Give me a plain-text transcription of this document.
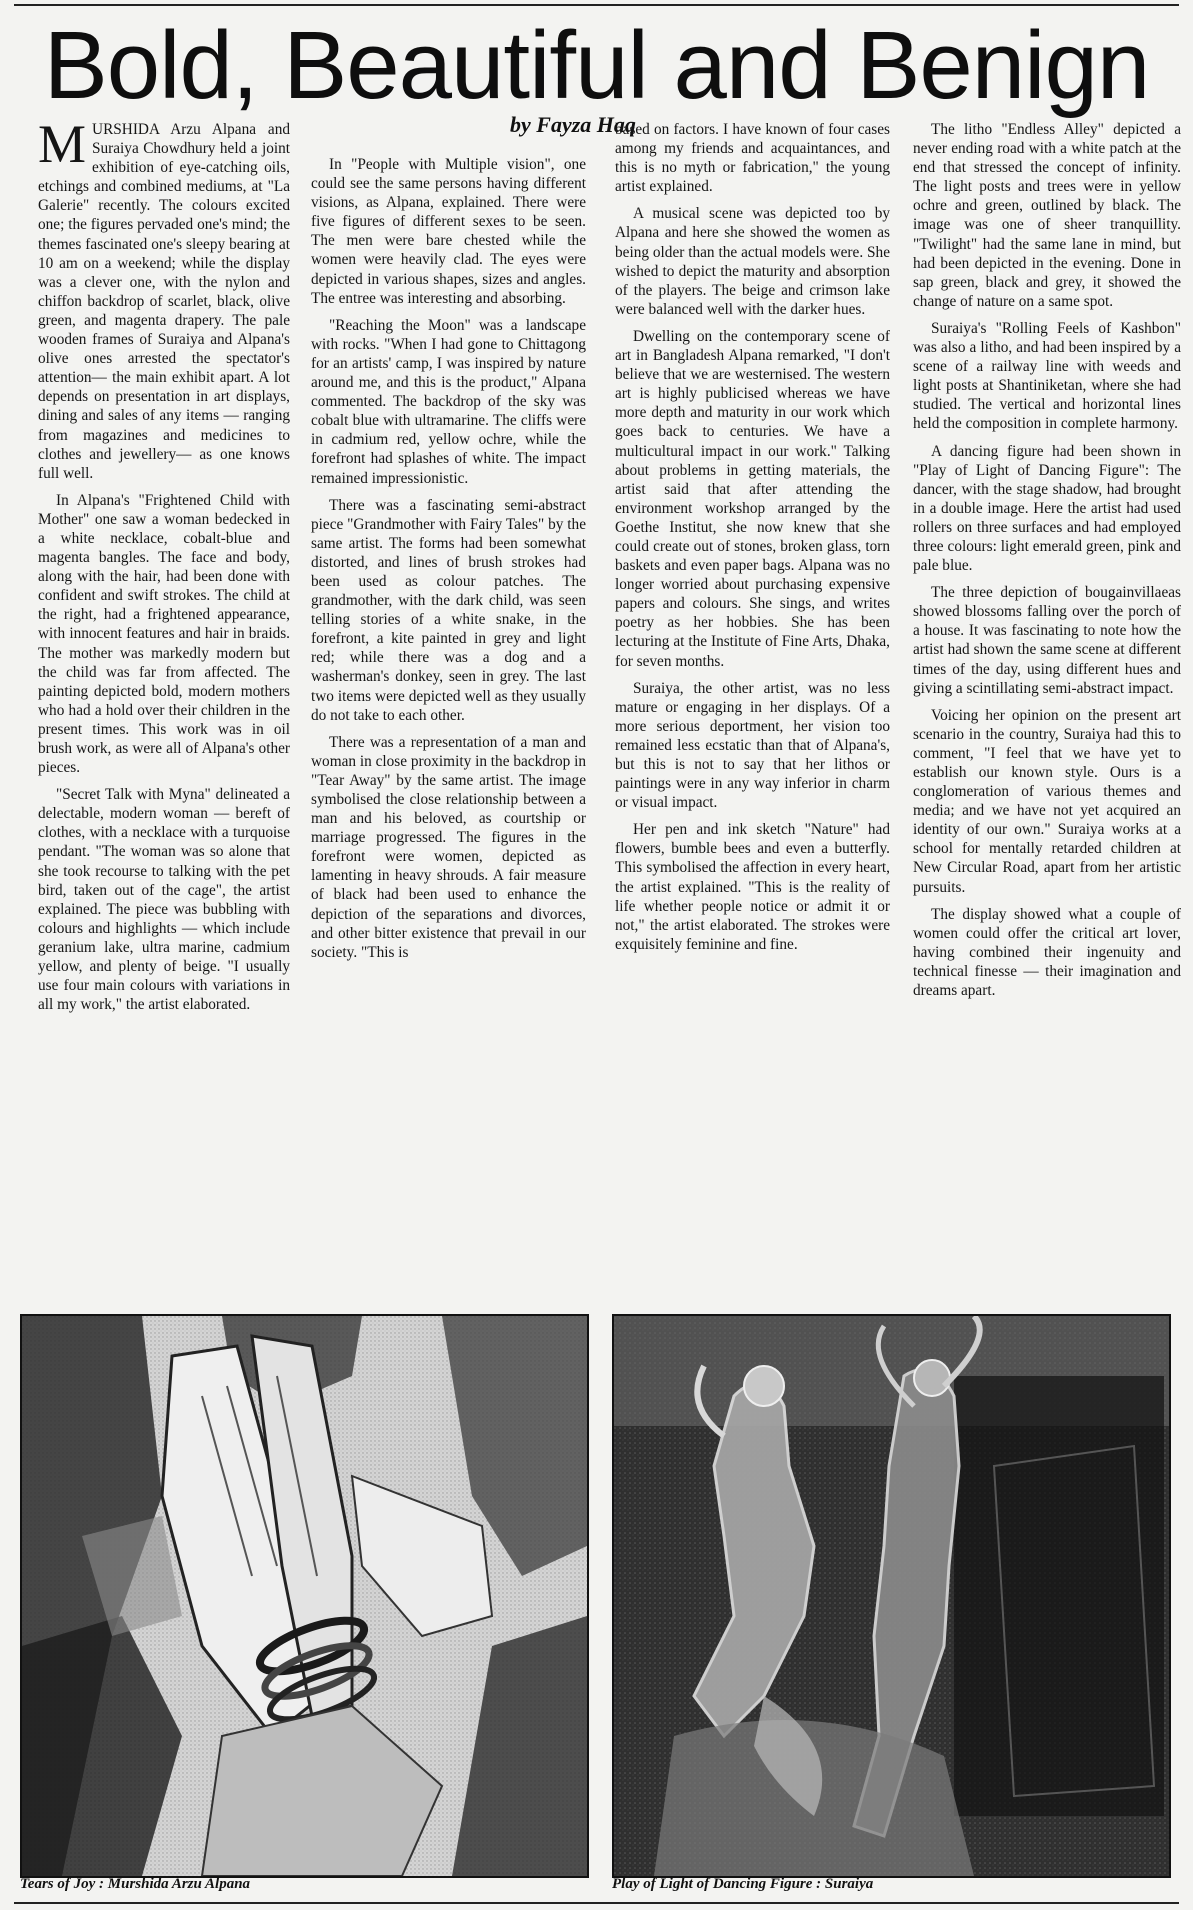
Bold, Beautiful and Benign
by Fayza Haq

MURSHIDA Arzu Alpana and Suraiya Chowdhury held a joint exhibition of eye-catching oils, etchings and combined mediums, at "La Galerie" recently. The colours excited one; the figures pervaded one's mind; the themes fascinated one's sleepy bearing at 10 am on a weekend; while the display was a clever one, with the nylon and chiffon backdrop of scarlet, black, olive green, and magenta drapery. The pale wooden frames of Suraiya and Alpana's olive ones arrested the spectator's attention— the main exhibit apart. A lot depends on presentation in art displays, dining and sales of any items — ranging from magazines and medicines to clothes and jewellery— as one knows full well.

In Alpana's "Frightened Child with Mother" one saw a woman bedecked in a white necklace, cobalt-blue and magenta bangles. The face and body, along with the hair, had been done with confident and swift strokes. The child at the right, had a frightened appearance, with innocent features and hair in braids. The mother was markedly modern but the child was far from affected. The painting depicted bold, modern mothers who had a hold over their children in the present times. This work was in oil brush work, as were all of Alpana's other pieces.

"Secret Talk with Myna" delineated a delectable, modern woman — bereft of clothes, with a necklace with a turquoise pendant. "The woman was so alone that she took recourse to talking with the pet bird, taken out of the cage", the artist explained. The piece was bubbling with colours and highlights — which include geranium lake, ultra marine, cadmium yellow, and plenty of beige. "I usually use four main colours with variations in all my work," the artist elaborated.

In "People with Multiple vision", one could see the same persons having different visions, as Alpana, explained. There were five figures of different sexes to be seen. The men were bare chested while the women were heavily clad. The eyes were depicted in various shapes, sizes and angles. The entree was interesting and absorbing.

"Reaching the Moon" was a landscape with rocks. "When I had gone to Chittagong for an artists' camp, I was inspired by nature around me, and this is the product," Alpana commented. The backdrop of the sky was cobalt blue with ultramarine. The cliffs were in cadmium red, yellow ochre, while the forefront had splashes of white. The impact remained impressionistic.

There was a fascinating semi-abstract piece "Grandmother with Fairy Tales" by the same artist. The forms had been somewhat distorted, and lines of brush strokes had been used as colour patches. The grandmother, with the dark child, was seen telling stories of a white snake, in the forefront, a kite painted in grey and light red; while there was a dog and a washerman's donkey, seen in grey. The last two items were depicted well as they usually do not take to each other.

There was a representation of a man and woman in close proximity in the backdrop in "Tear Away" by the same artist. The image symbolised the close relationship between a man and his beloved, as courtship or marriage progressed. The figures in the forefront were women, depicted as lamenting in heavy shrouds. A fair measure of black had been used to enhance the depiction of the separations and divorces, and other bitter existence that prevail in our society. "This is

based on factors. I have known of four cases among my friends and acquaintances, and this is no myth or fabrication," the young artist explained.

A musical scene was depicted too by Alpana and here she showed the women as being older than the actual models were. She wished to depict the maturity and absorption of the players. The beige and crimson lake were balanced well with the darker hues.

Dwelling on the contemporary scene of art in Bangladesh Alpana remarked, "I don't believe that we are westernised. The western art is highly publicised whereas we have more depth and maturity in our work which goes back to centuries. We have a multicultural impact in our work." Talking about problems in getting materials, the artist said that after attending the environment workshop arranged by the Goethe Institut, she now knew that she could create out of stones, broken glass, torn baskets and even paper bags. Alpana was no longer worried about purchasing expensive papers and colours. She sings, and writes poetry as her hobbies. She has been lecturing at the Institute of Fine Arts, Dhaka, for seven months.

Suraiya, the other artist, was no less mature or engaging in her displays. Of a more serious deportment, her vision too remained less ecstatic than that of Alpana's, but this is not to say that her lithos or paintings were in any way inferior in charm or visual impact.

Her pen and ink sketch "Nature" had flowers, bumble bees and even a butterfly. This symbolised the affection in every heart, the artist explained. "This is the reality of life whether people notice or admit it or not," the artist elaborated. The strokes were exquisitely feminine and fine.

The litho "Endless Alley" depicted a never ending road with a white patch at the end that stressed the concept of infinity. The light posts and trees were in yellow ochre and green, outlined by black. The image was one of sheer tranquillity. "Twilight" had the same lane in mind, but had been depicted in the evening. Done in sap green, black and grey, it showed the change of nature on a same spot.

Suraiya's "Rolling Feels of Kashbon" was also a litho, and had been inspired by a scene of a railway line with weeds and light posts at Shantiniketan, where she had studied. The vertical and horizontal lines held the composition in complete harmony.

A dancing figure had been shown in "Play of Light of Dancing Figure": The dancer, with the stage shadow, had brought in a double image. Here the artist had used rollers on three surfaces and had employed three colours: light emerald green, pink and pale blue.

The three depiction of bougainvillaeas showed blossoms falling over the porch of a house. It was fascinating to note how the artist had shown the same scene at different times of the day, using different hues and giving a scintillating semi-abstract impact.

Voicing her opinion on the present art scenario in the country, Suraiya had this to comment, "I feel that we have yet to establish our known style. Ours is a conglomeration of various themes and media; and we have not yet acquired an identity of our own." Suraiya works at a school for mentally retarded children at New Circular Road, apart from her artistic pursuits.

The display showed what a couple of women could offer the critical art lover, having combined their ingenuity and technical finesse — their imagination and dreams apart.

Tears of Joy : Murshida Arzu Alpana	Play of Light of Dancing Figure : Suraiya
